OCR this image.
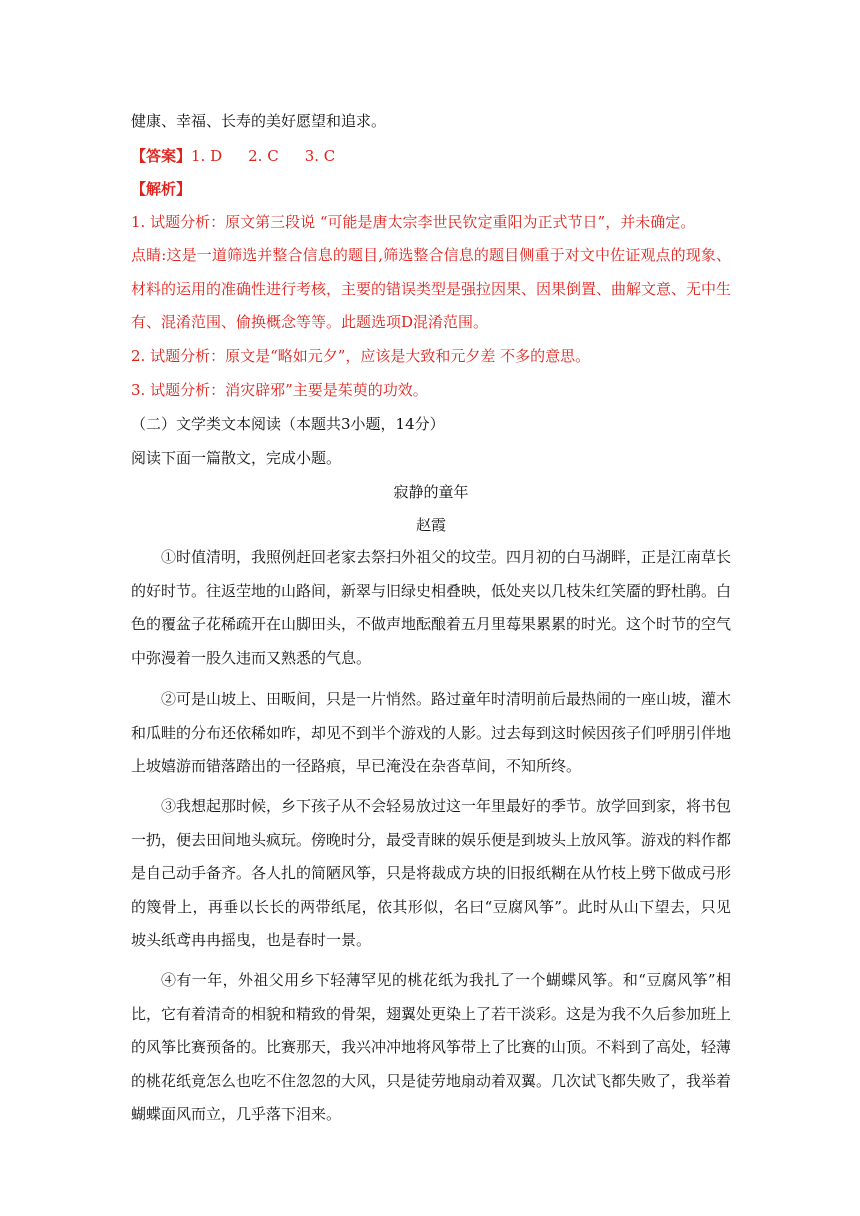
健康、幸福、长寿的美好愿望和追求。
【答案】1. D 2. C 3. C
【解析】
1. 试题分析：原文第三段说 “可能是唐太宗李世民钦定重阳为正式节日”，并未确定。
点睛:这是一道筛选并整合信息的题目,筛选整合信息的题目侧重于对文中佐证观点的现象、材料的运用的准确性进行考核，主要的错误类型是强拉因果、因果倒置、曲解文意、无中生有、混淆范围、偷换概念等等。此题选项D混淆范围。
2. 试题分析：原文是“略如元夕”，应该是大致和元夕差 不多的意思。
3. 试题分析：消灾辟邪”主要是茱萸的功效。
（二）文学类文本阅读（本题共3小题，14分）
阅读下面一篇散文，完成小题。
寂静的童年
赵霞
①时值清明，我照例赶回老家去祭扫外祖父的坟茔。四月初的白马湖畔，正是江南草长的好时节。往返茔地的山路间，新翠与旧绿史相叠映，低处夹以几枝朱红笑靥的野杜鹃。白色的覆盆子花稀疏开在山脚田头，不做声地酝酿着五月里莓果累累的时光。这个时节的空气中弥漫着一股久违而又熟悉的气息。
②可是山坡上、田畈间，只是一片悄然。路过童年时清明前后最热闹的一座山坡，灌木和瓜畦的分布还依稀如昨，却见不到半个游戏的人影。过去每到这时候因孩子们呼朋引伴地上坡嬉游而错落踏出的一径路痕，早已淹没在杂沓草间，不知所终。
③我想起那时候，乡下孩子从不会轻易放过这一年里最好的季节。放学回到家，将书包一扔，便去田间地头疯玩。傍晚时分，最受青睐的娱乐便是到坡头上放风筝。游戏的料作都是自己动手备齐。各人扎的简陋风筝，只是将裁成方块的旧报纸糊在从竹枝上劈下做成弓形的篾骨上，再垂以长长的两带纸尾，依其形似，名曰“豆腐风筝”。此时从山下望去，只见坡头纸鸢冉冉摇曳，也是春时一景。
④有一年，外祖父用乡下轻薄罕见的桃花纸为我扎了一个蝴蝶风筝。和“豆腐风筝”相比，它有着清奇的相貌和精致的骨架，翅翼处更染上了若干淡彩。这是为我不久后参加班上的风筝比赛预备的。比赛那天，我兴冲冲地将风筝带上了比赛的山顶。不料到了高处，轻薄的桃花纸竟怎么也吃不住忽忽的大风，只是徒劳地扇动着双翼。几次试飞都失败了，我举着蝴蝶面风而立，几乎落下泪来。
